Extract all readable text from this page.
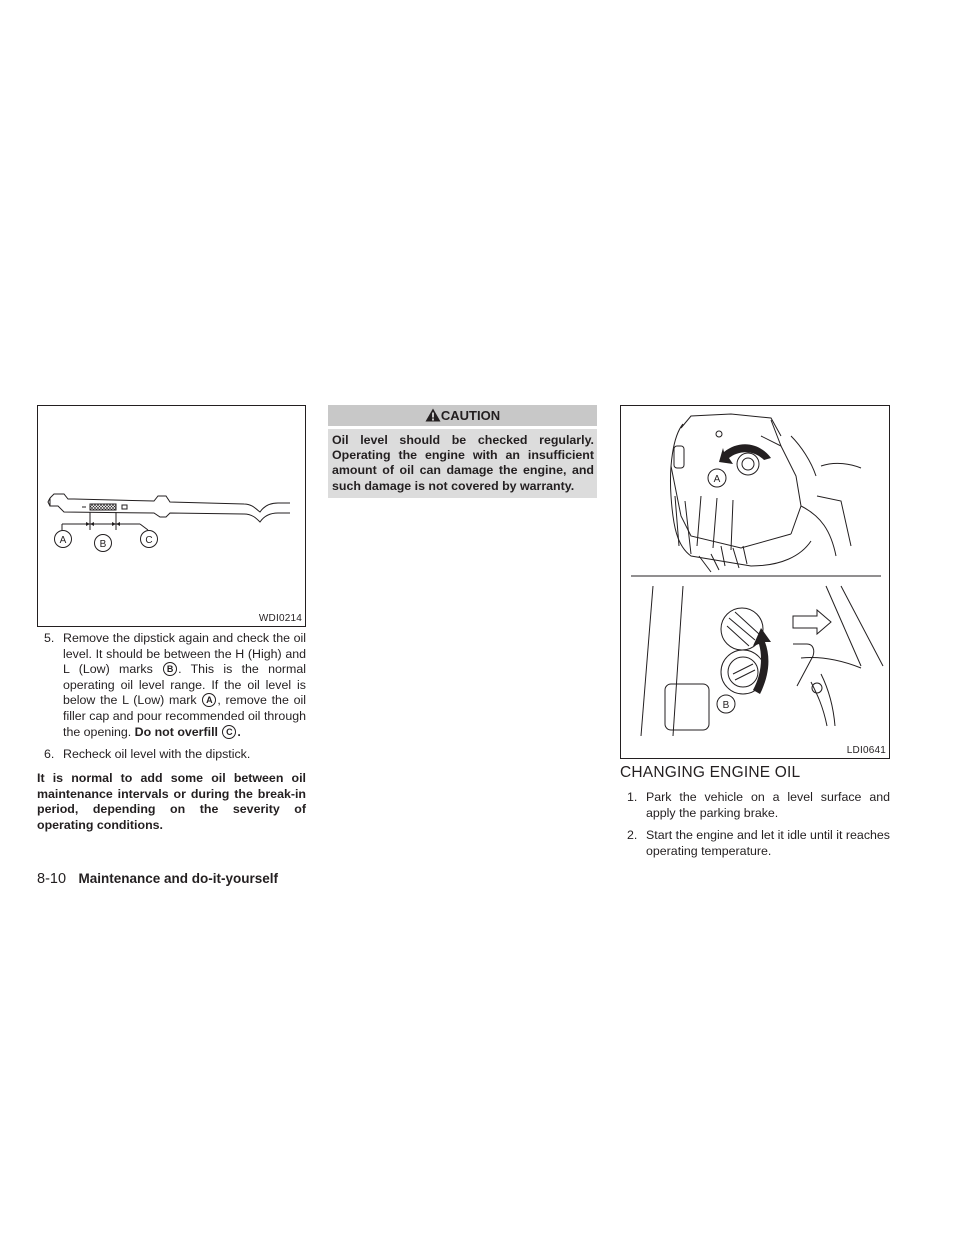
A	B	C
WDI0214
5. Remove the dipstick again and check the oil level. It should be between the H (High) and L (Low) marks B . This is the normal operating oil level range. If the oil level is below the L (Low) mark A , remove the oil filler cap and pour recommended oil through the opening. Do not overfill C .
6. Recheck oil level with the dipstick.
It is normal to add some oil between oil maintenance intervals or during the break-in period, depending on the severity of operating conditions.
CAUTION
Oil level should be checked regularly. Operating the engine with an insufficient amount of oil can damage the engine, and such damage is not covered by warranty.	A
B
LDI0641
CHANGING ENGINE OIL
1. Park the vehicle on a level surface and apply the parking brake.
2. Start the engine and let it idle until it reaches operating temperature.
8-10 Maintenance and do-it-yourself
